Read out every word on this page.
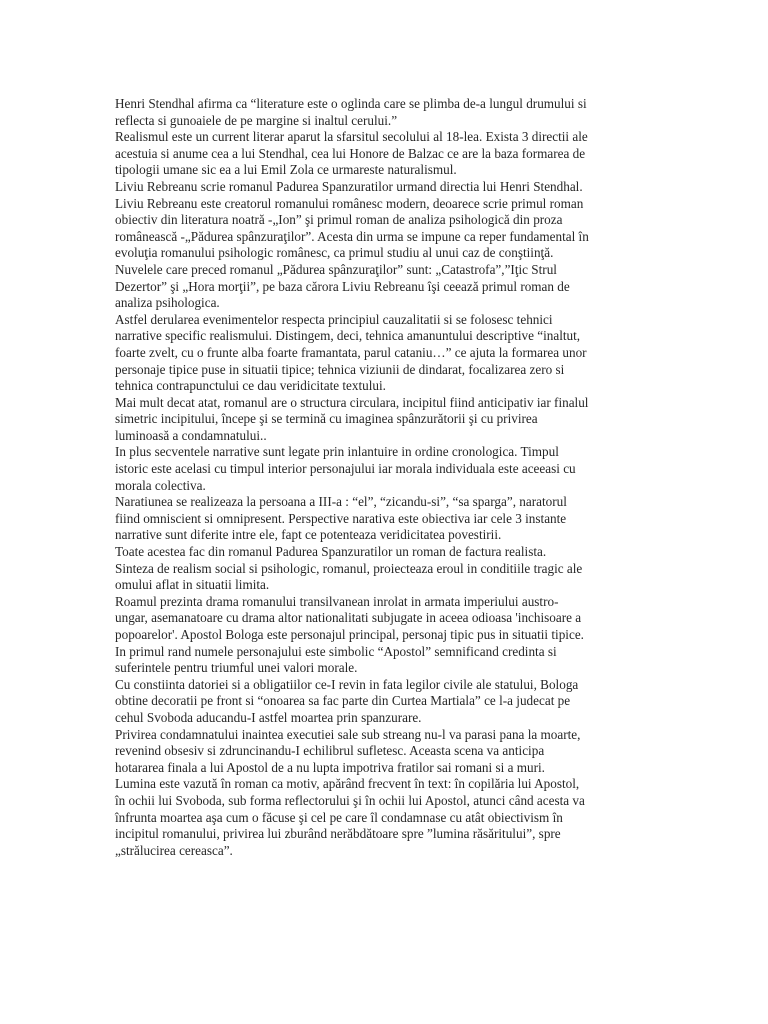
Henri Stendhal afirma ca “literature este o oglinda care se plimba de-a lungul drumului si
reflecta si gunoaiele de pe margine si inaltul cerului.”
Realismul este un current literar aparut la sfarsitul secolului al 18-lea. Exista 3 directii ale
acestuia si anume cea a lui Stendhal, cea lui Honore de Balzac ce are la baza formarea de
tipologii umane sic ea a lui Emil Zola ce urmareste naturalismul.
Liviu Rebreanu scrie romanul Padurea Spanzuratilor urmand directia lui Henri Stendhal.
Liviu Rebreanu este creatorul romanului românesc modern, deoarece scrie primul roman
obiectiv din literatura noatră -„Ion” şi primul roman de analiza psihologică din proza
românească -„Pădurea spânzuraţilor”. Acesta din urma se impune ca reper fundamental în
evoluţia romanului psihologic românesc, ca primul studiu al unui caz de conştiinţă.
Nuvelele care preced romanul „Pădurea spânzuraţilor” sunt: „Catastrofa”,”Iţic Strul
Dezertor” şi „Hora morţii”, pe baza cărora Liviu Rebreanu îşi ceează primul roman de
analiza psihologica.
Astfel derularea evenimentelor respecta principiul cauzalitatii si se folosesc tehnici
narrative specific realismului. Distingem, deci, tehnica amanuntului descriptive “inaltut,
foarte zvelt, cu o frunte alba foarte framantata, parul cataniu…” ce ajuta la formarea unor
personaje tipice puse in situatii tipice; tehnica viziunii de dindarat, focalizarea zero si
tehnica contrapunctului ce dau veridicitate textului.
Mai mult decat atat, romanul are o structura circulara, incipitul fiind anticipativ iar finalul
simetric incipitului, începe şi se termină cu imaginea spânzurătorii şi cu privirea
luminoasă a condamnatului..
In plus secventele narrative sunt legate prin inlantuire in ordine cronologica. Timpul
istoric este acelasi cu timpul interior personajului iar morala individuala este aceeasi cu
morala colectiva.
Naratiunea se realizeaza la persoana a III-a : “el”, “zicandu-si”, “sa sparga”, naratorul
fiind omniscient si omnipresent. Perspective narativa este obiectiva iar cele 3 instante
narrative sunt diferite intre ele, fapt ce potenteaza veridicitatea povestirii.
Toate acestea fac din romanul Padurea Spanzuratilor un roman de factura realista.
Sinteza de realism social si psihologic, romanul, proiecteaza eroul in conditiile tragic ale
omului aflat in situatii limita.
Roamul prezinta drama romanului transilvanean inrolat in armata imperiului austro-
ungar, asemanatoare cu drama altor nationalitati subjugate in aceea odioasa 'inchisoare a
popoarelor'. Apostol Bologa este personajul principal, personaj tipic pus in situatii tipice.
In primul rand numele personajului este simbolic “Apostol” semnificand credinta si
suferintele pentru triumful unei valori morale.
Cu constiinta datoriei si a obligatiilor ce-I revin in fata legilor civile ale statului, Bologa
obtine decoratii pe front si “onoarea sa fac parte din Curtea Martiala” ce l-a judecat pe
cehul Svoboda aducandu-I astfel moartea prin spanzurare.
Privirea condamnatului inaintea executiei sale sub streang nu-l va parasi pana la moarte,
revenind obsesiv si zdruncinandu-I echilibrul sufletesc. Aceasta scena va anticipa
hotararea finala a lui Apostol de a nu lupta impotriva fratilor sai romani si a muri.
Lumina este vazută în roman ca motiv, apărând frecvent în text: în copilăria lui Apostol,
în ochii lui Svoboda, sub forma reflectorului şi în ochii lui Apostol, atunci când acesta va
înfrunta moartea aşa cum o făcuse şi cel pe care îl condamnase cu atât obiectivism în
incipitul romanului, privirea lui zburând nerăbdătoare spre ”lumina răsăritului”, spre
„strălucirea cereasca”.
